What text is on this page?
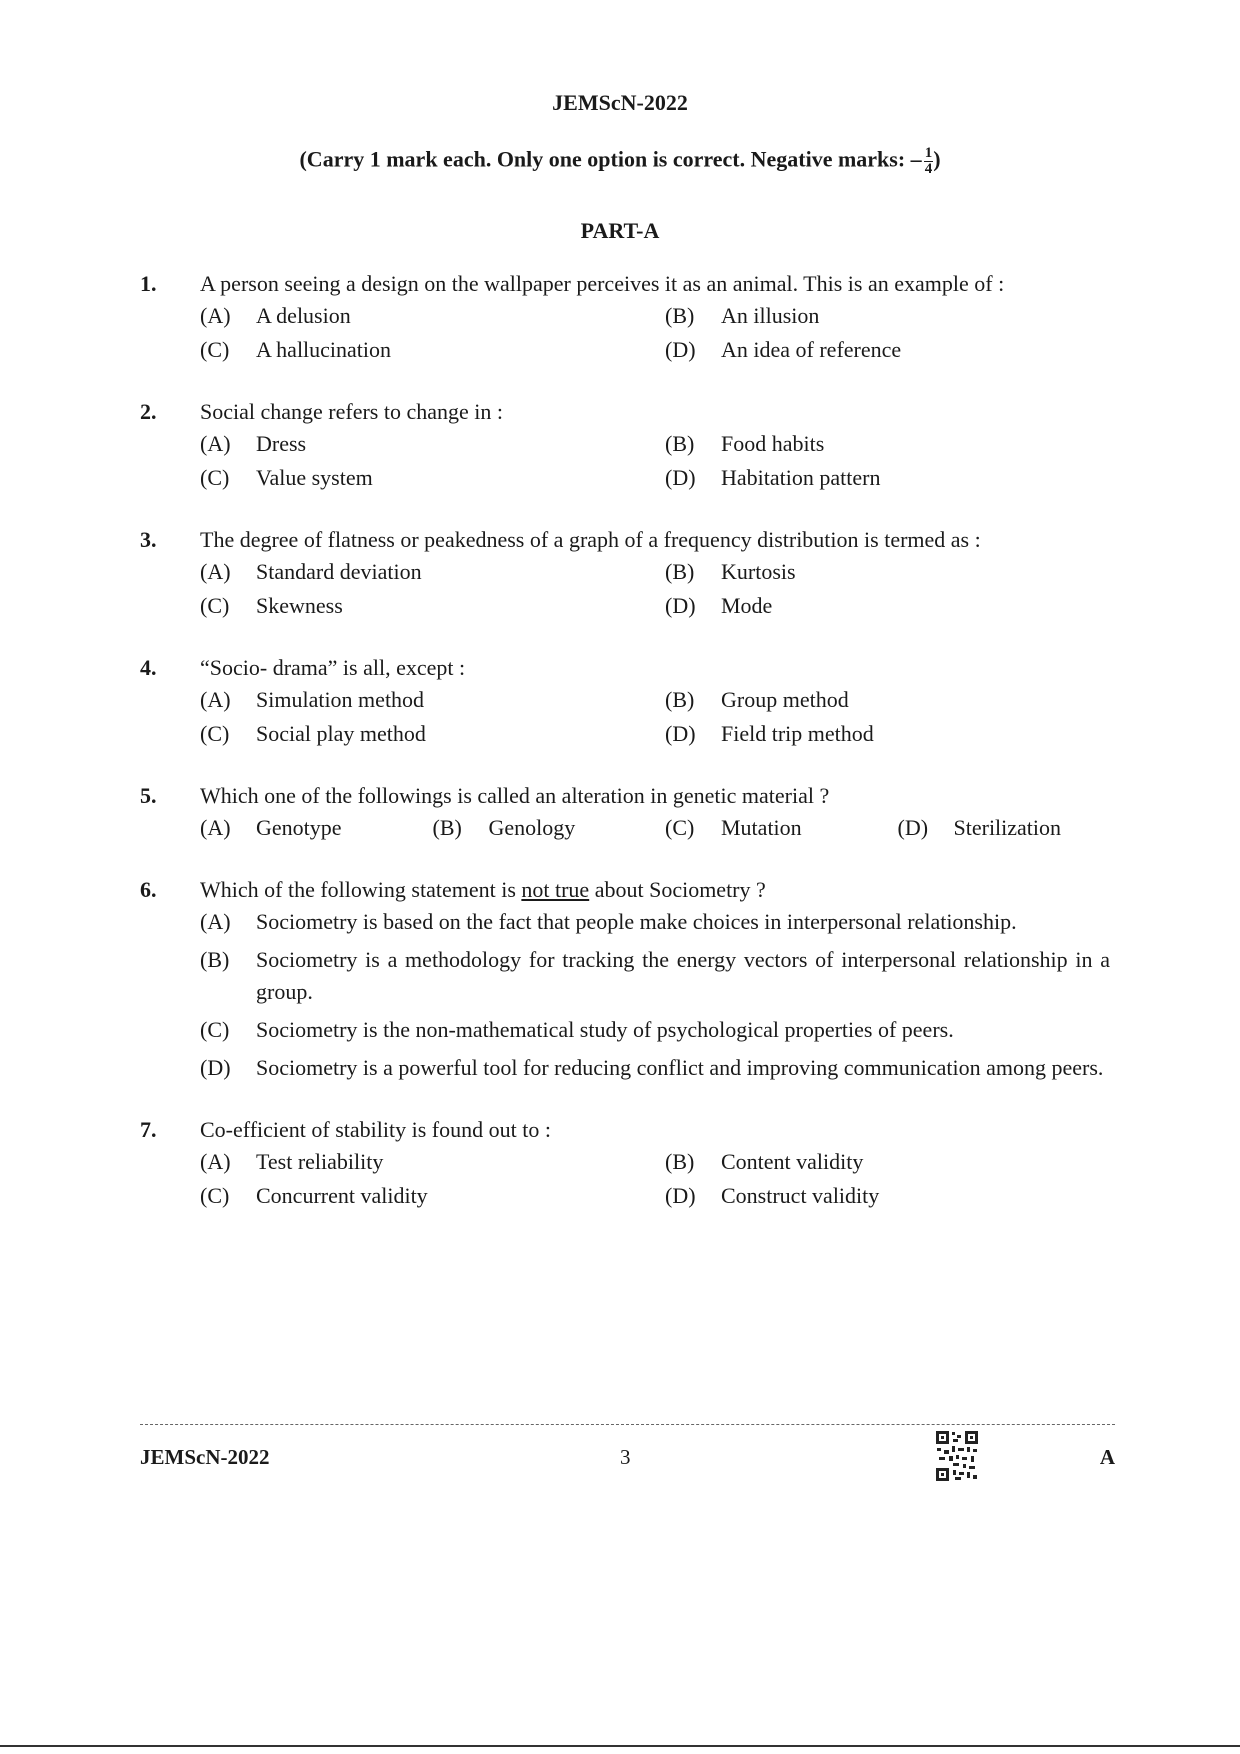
JEMScN-2022
(Carry 1 mark each. Only one option is correct. Negative marks: – $\frac{1}{4}$ )
PART-A
1.	A person seeing a design on the wallpaper perceives it as an animal. This is an example of :
(A)	A delusion	(B)	An illusion
(C)	A hallucination	(D)	An idea of reference
2.	Social change refers to change in :
(A)	Dress	(B)	Food habits
(C)	Value system	(D)	Habitation pattern
3.	The degree of flatness or peakedness of a graph of a frequency distribution is termed as :
(A)	Standard deviation	(B)	Kurtosis
(C)	Skewness	(D)	Mode
4.	“Socio- drama” is all, except :
(A)	Simulation method	(B)	Group method
(C)	Social play method	(D)	Field trip method
5.	Which one of the followings is called an alteration in genetic material ?
(A)	Genotype	(B)	Genology	(C)	Mutation	(D)	Sterilization
6.	Which of the following statement is not true about Sociometry ?
(A)	Sociometry is based on the fact that people make choices in interpersonal relationship.
(B)	Sociometry is a methodology for tracking the energy vectors of interpersonal relationship in a group.
(C)	Sociometry is the non-mathematical study of psychological properties of peers.
(D)	Sociometry is a powerful tool for reducing conflict and improving communication among peers.
7.	Co-efficient of stability is found out to :
(A)	Test reliability	(B)	Content validity
(C)	Concurrent validity	(D)	Construct validity
JEMScN-2022	3	A
